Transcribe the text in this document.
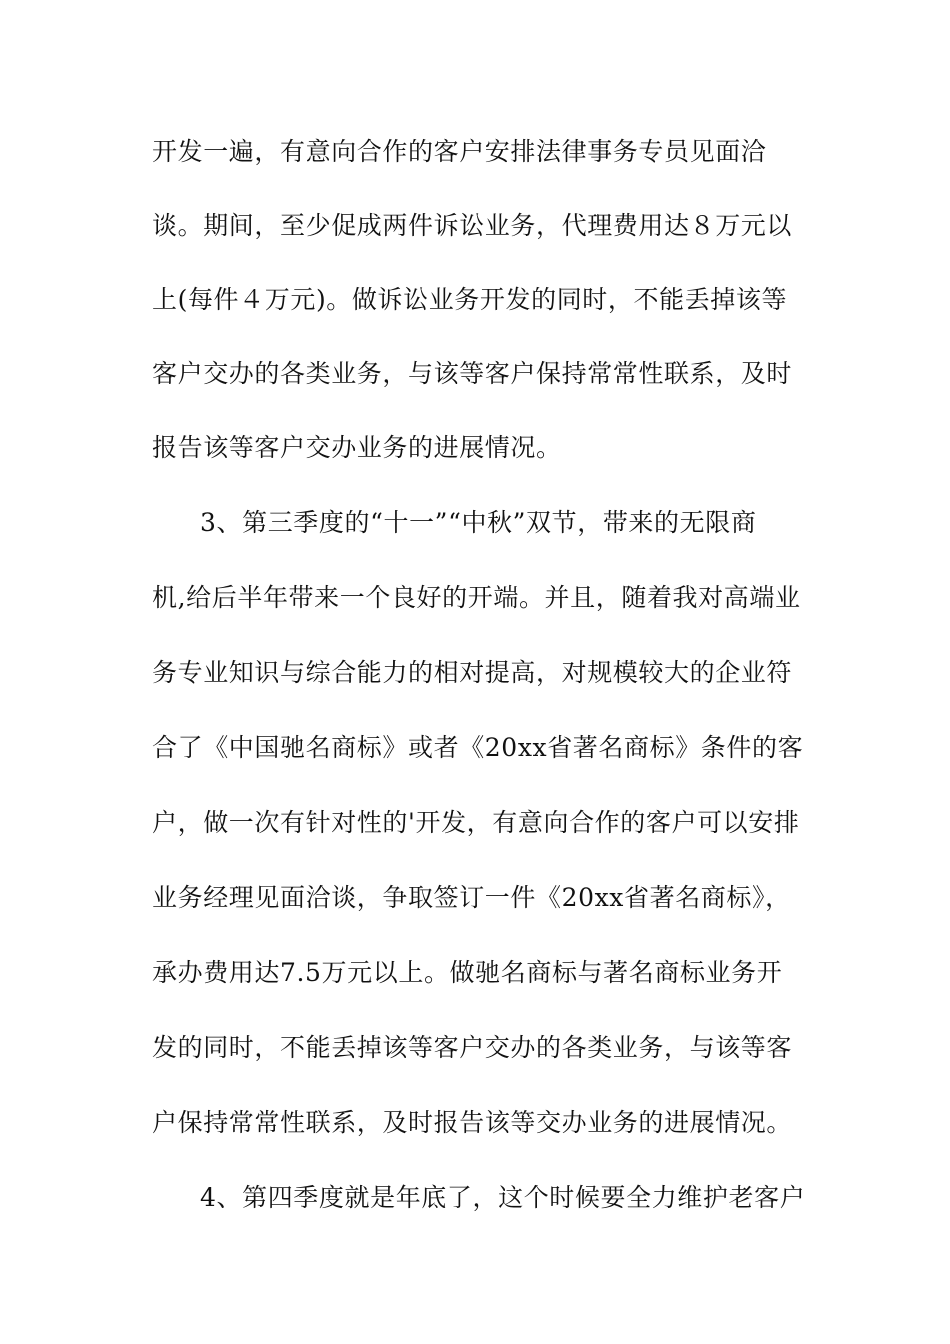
开发一遍，有意向合作的客户安排法律事务专员见面洽
谈。期间，至少促成两件诉讼业务，代理费用达８万元以
上(每件４万元)。做诉讼业务开发的同时，不能丢掉该等
客户交办的各类业务，与该等客户保持常常性联系，及时
报告该等客户交办业务的进展情况。
3、第三季度的“十一”“中秋”双节，带来的无限商
机,给后半年带来一个良好的开端。并且，随着我对高端业
务专业知识与综合能力的相对提高，对规模较大的企业符
合了《中国驰名商标》或者《20xx省著名商标》条件的客
户，做一次有针对性的'开发，有意向合作的客户可以安排
业务经理见面洽谈，争取签订一件《20xx省著名商标》，
承办费用达7.5万元以上。做驰名商标与著名商标业务开
发的同时，不能丢掉该等客户交办的各类业务，与该等客
户保持常常性联系，及时报告该等交办业务的进展情况。
4、第四季度就是年底了，这个时候要全力维护老客户
